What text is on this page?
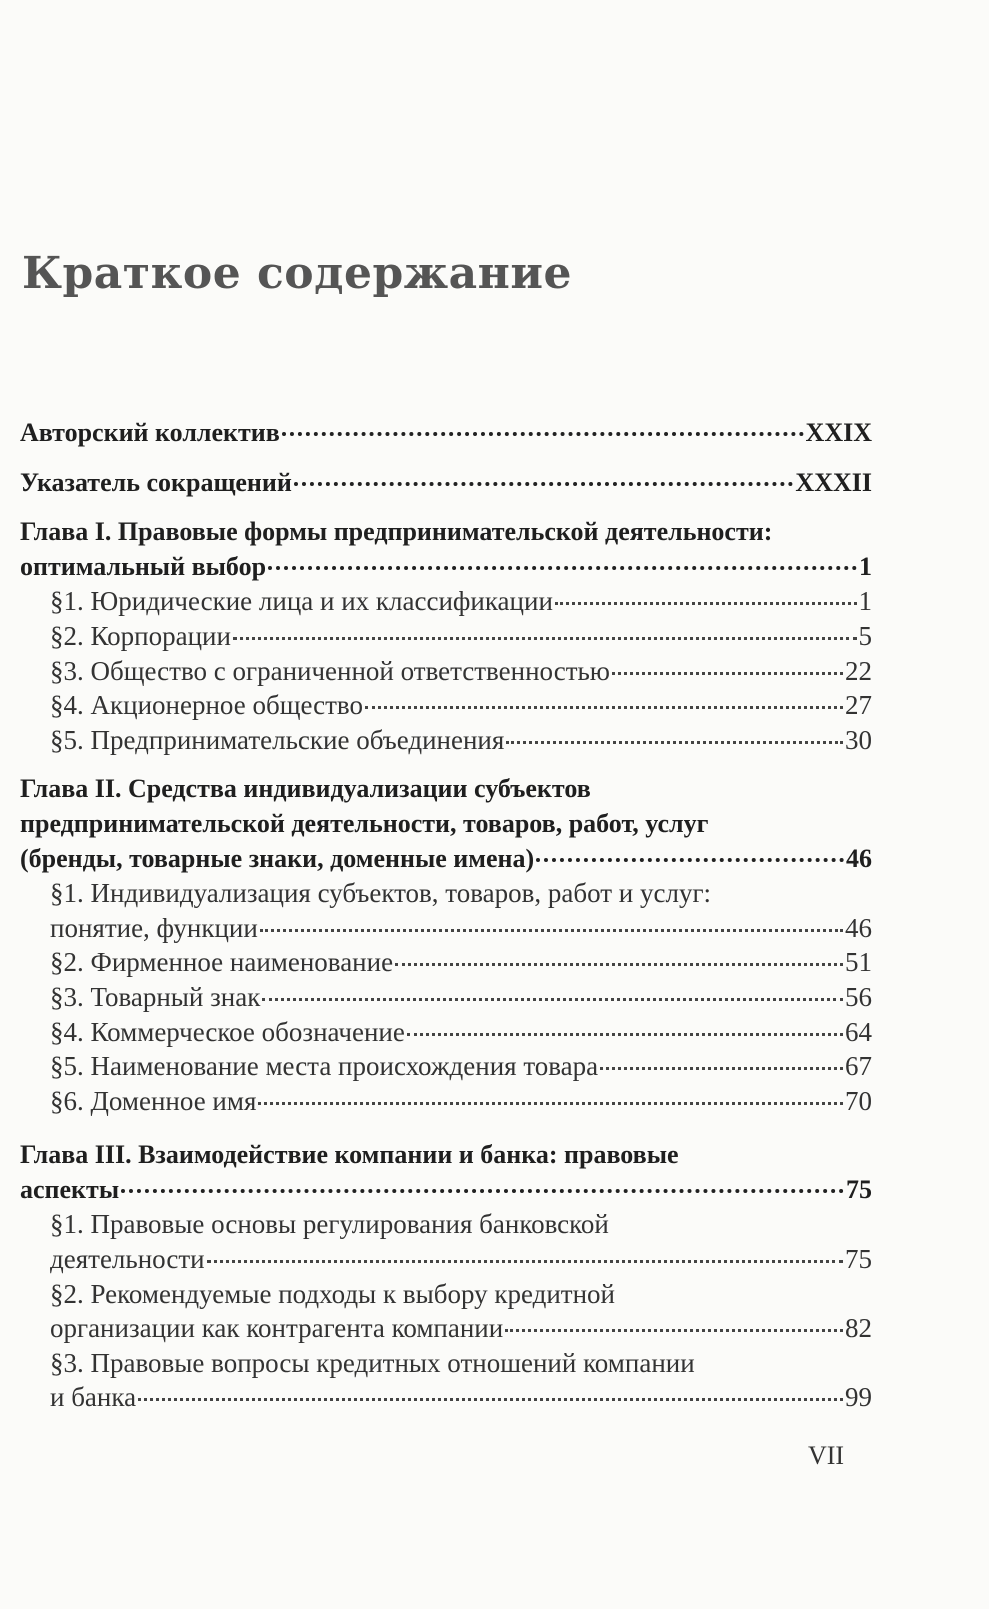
Краткое содержание
Авторский коллектив	XXIX
Указатель сокращений	XXXII
Глава I. Правовые формы предпринимательской деятельности:
оптимальный выбор	1
§1. Юридические лица и их классификации	1
§2. Корпорации	5
§3. Общество с ограниченной ответственностью	22
§4. Акционерное общество	27
§5. Предпринимательские объединения	30
Глава II. Средства индивидуализации субъектов
предпринимательской деятельности, товаров, работ, услуг
(бренды, товарные знаки, доменные имена)	46
§1. Индивидуализация субъектов, товаров, работ и услуг:
понятие, функции	46
§2. Фирменное наименование	51
§3. Товарный знак	56
§4. Коммерческое обозначение	64
§5. Наименование места происхождения товара	67
§6. Доменное имя	70
Глава III. Взаимодействие компании и банка: правовые
аспекты	75
§1. Правовые основы регулирования банковской
деятельности	75
§2. Рекомендуемые подходы к выбору кредитной
организации как контрагента компании	82
§3. Правовые вопросы кредитных отношений компании
и банка	99
VII
